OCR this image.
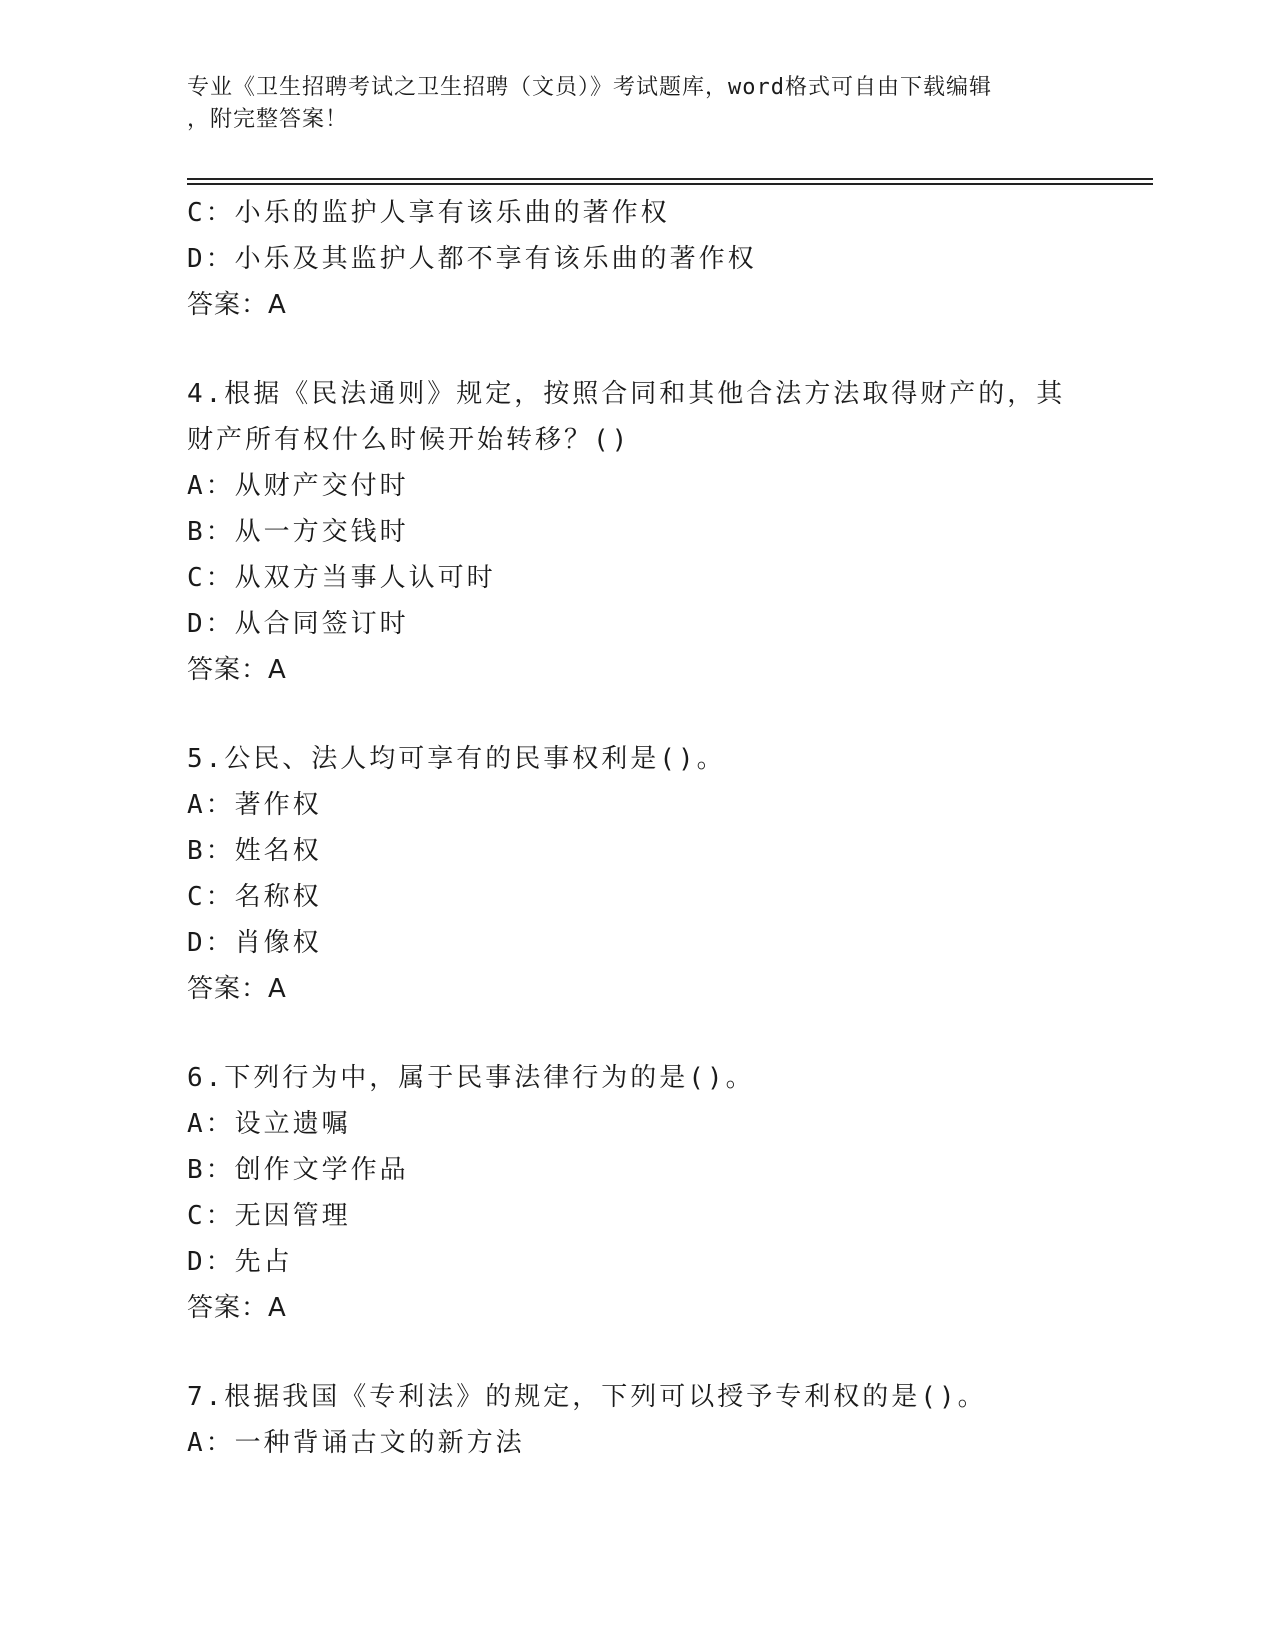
专业《卫生招聘考试之卫生招聘（文员）》考试题库，word格式可自由下载编辑
，附完整答案！
C：小乐的监护人享有该乐曲的著作权
D：小乐及其监护人都不享有该乐曲的著作权
答案：A
4.根据《民法通则》规定，按照合同和其他合法方法取得财产的，其
财产所有权什么时候开始转移？()
A：从财产交付时
B：从一方交钱时
C：从双方当事人认可时
D：从合同签订时
答案：A
5.公民、法人均可享有的民事权利是()。
A：著作权
B：姓名权
C：名称权
D：肖像权
答案：A
6.下列行为中，属于民事法律行为的是()。
A：设立遗嘱
B：创作文学作品
C：无因管理
D：先占
答案：A
7.根据我国《专利法》的规定，下列可以授予专利权的是()。
A：一种背诵古文的新方法
